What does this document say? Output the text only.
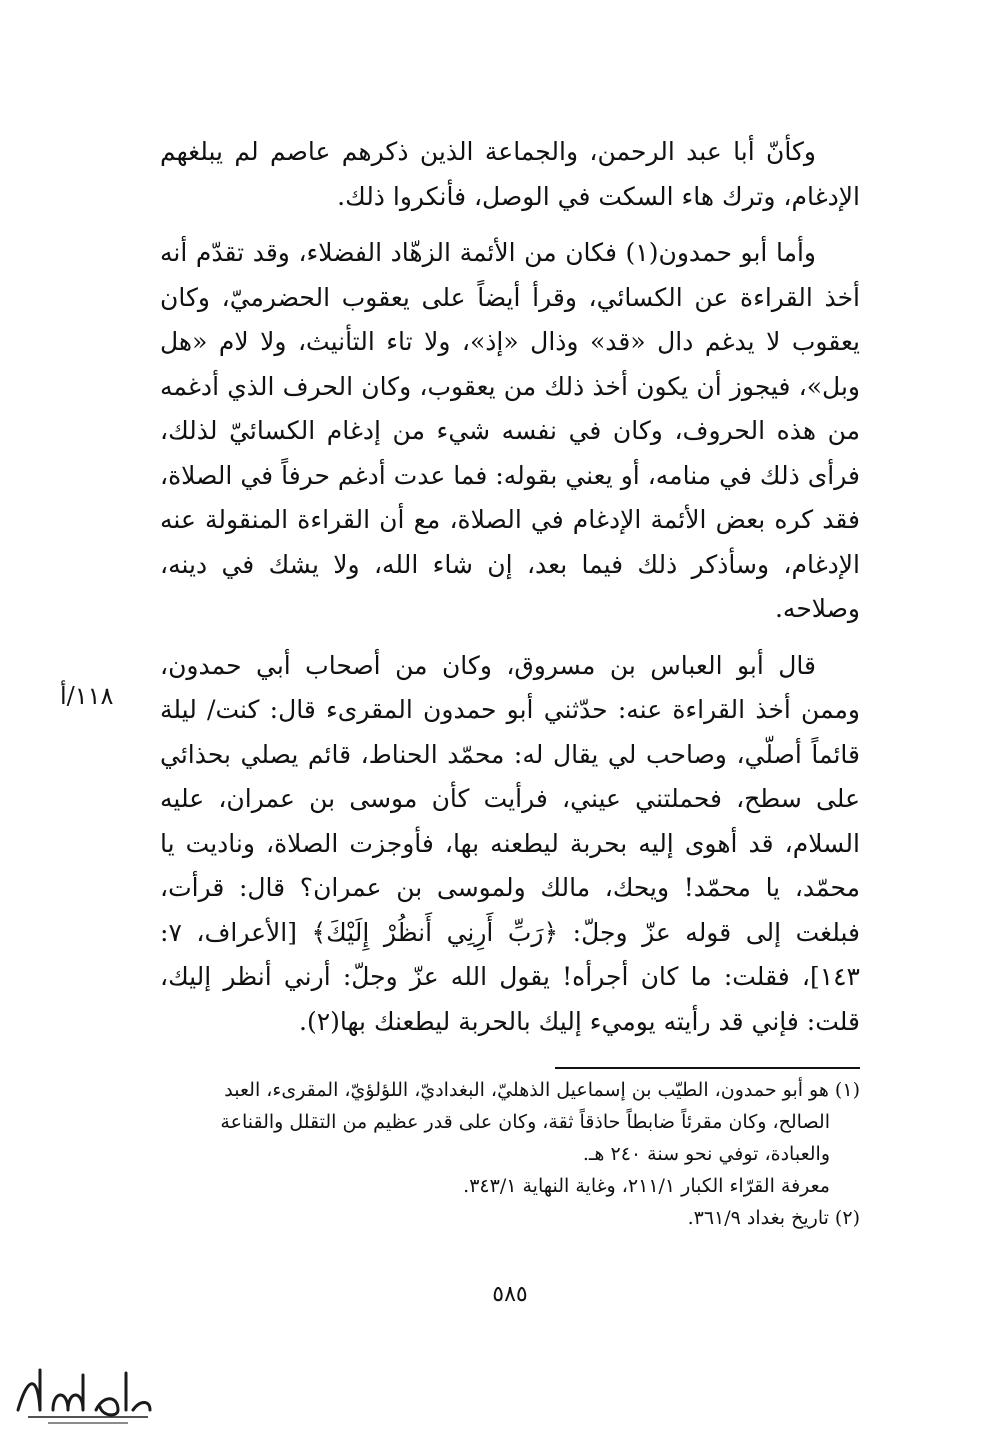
وكأنّ أبا عبد الرحمن، والجماعة الذين ذكرهم عاصم لم يبلغهم الإدغام، وترك هاء السكت في الوصل، فأنكروا ذلك.

وأما أبو حمدون(١) فكان من الأئمة الزهّاد الفضلاء، وقد تقدّم أنه أخذ القراءة عن الكسائي، وقرأ أيضاً على يعقوب الحضرميّ، وكان يعقوب لا يدغم دال «قد» وذال «إذ»، ولا تاء التأنيث، ولا لام «هل وبل»، فيجوز أن يكون أخذ ذلك من يعقوب، وكان الحرف الذي أدغمه من هذه الحروف، وكان في نفسه شيء من إدغام الكسائيّ لذلك، فرأى ذلك في منامه، أو يعني بقوله: فما عدت أدغم حرفاً في الصلاة، فقد كره بعض الأئمة الإدغام في الصلاة، مع أن القراءة المنقولة عنه الإدغام، وسأذكر ذلك فيما بعد، إن شاء الله، ولا يشك في دينه، وصلاحه.

قال أبو العباس بن مسروق، وكان من أصحاب أبي حمدون، وممن أخذ القراءة عنه: حدّثني أبو حمدون المقرىء قال: كنت/ ليلة قائماً أصلّي، وصاحب لي يقال له: محمّد الحناط، قائم يصلي بحذائي على سطح، فحملتني عيني، فرأيت كأن موسى بن عمران، عليه السلام، قد أهوى إليه بحربة ليطعنه بها، فأوجزت الصلاة، وناديت يا محمّد، يا محمّد! ويحك، مالك ولموسى بن عمران؟ قال: قرأت، فبلغت إلى قوله عزّ وجلّ: ﴿رَبِّ أَرِنِي أَنظُرْ إِلَيْكَ﴾ [الأعراف، ٧: ١٤٣]، فقلت: ما كان أجرأه! يقول الله عزّ وجلّ: أرني أنظر إليك، قلت: فإني قد رأيته يوميء إليك بالحربة ليطعنك بها(٢).

١١٨/أ

(١) هو أبو حمدون، الطيّب بن إسماعيل الذهليّ، البغداديّ، اللؤلؤيّ، المقرىء، العبد

الصالح، وكان مقرئاً ضابطاً حاذقاً ثقة، وكان على قدر عظيم من التقلل والقناعة

والعبادة، توفي نحو سنة ٢٤٠ هـ.

معرفة القرّاء الكبار ٢١١/١، وغاية النهاية ٣٤٣/١.

(٢) تاريخ بغداد ٣٦١/٩.

٥٨٥
